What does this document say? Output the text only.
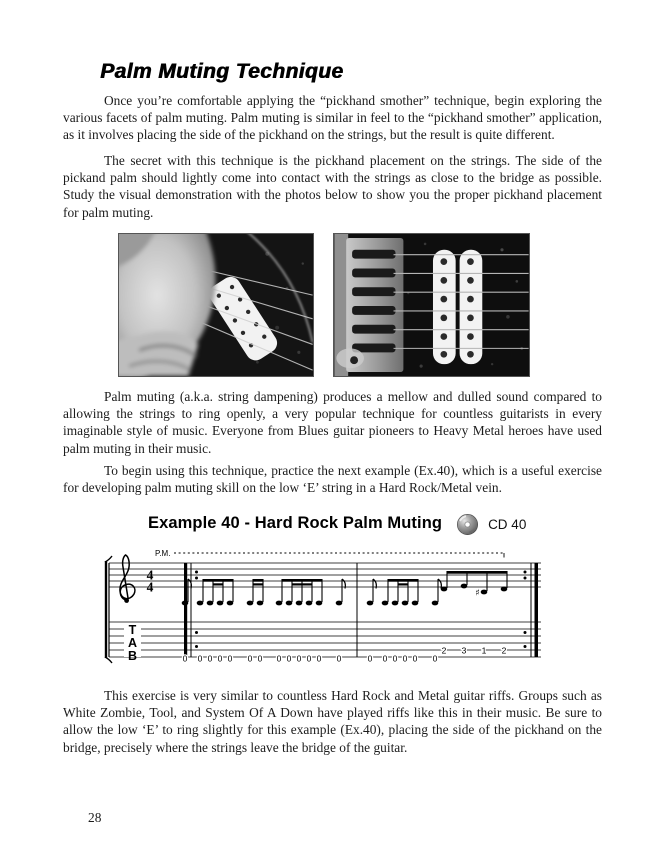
Palm Muting Technique

Once you’re comfortable applying the “pickhand smother” technique, begin exploring the various facets of palm muting. Palm muting is similar in feel to the “pickhand smother” application, as it involves placing the side of the pickhand on the strings, but the result is quite different.

The secret with this technique is the pickhand placement on the strings. The side of the pickand palm should lightly come into contact with the strings as close to the bridge as possible. Study the visual demonstration with the photos below to show you the proper pickhand placement for palm muting.

Palm muting (a.k.a. string dampening) produces a mellow and dulled sound compared to allowing the strings to ring openly, a very popular technique for countless guitarists in every imaginable style of music. Everyone from Blues guitar pioneers to Heavy Metal heroes have used palm muting in their music.

To begin using this technique, practice the next example (Ex.40), which is a useful exercise for developing palm muting skill on the low ‘E’ string in a Hard Rock/Metal vein.

Example 40 - Hard Rock Palm Muting	CD 40
4
4
P.M.
♯
T
A
B	0 0 0 0 0 0 0 0 0 0 0 0 0	0 0 0 0 0 0
2 3 1 2

This exercise is very similar to countless Hard Rock and Metal guitar riffs. Groups such as White Zombie, Tool, and System Of A Down have played riffs like this in their music. Be sure to allow the low ‘E’ to ring slightly for this example (Ex.40), placing the side of the pickhand on the bridge, precisely where the strings leave the bridge of the guitar.

28
